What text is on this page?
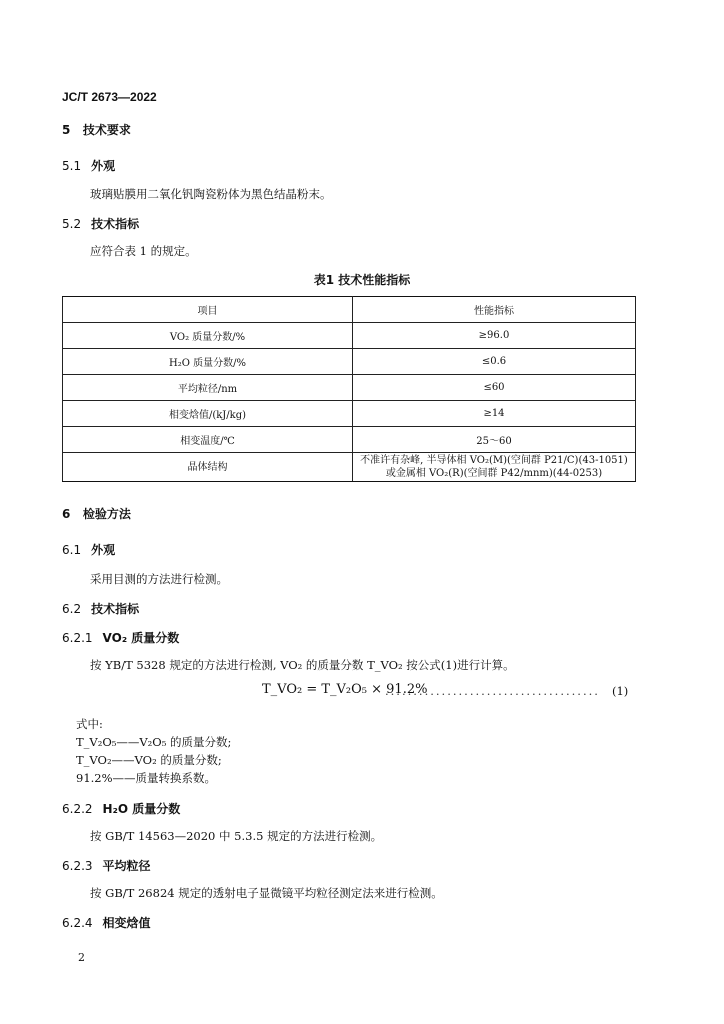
JC/T 2673—2022
5 技术要求
5.1 外观
玻璃贴膜用二氧化钒陶瓷粉体为黑色结晶粉末。
5.2 技术指标
应符合表 1 的规定。
表1 技术性能指标
项目	性能指标
VO₂ 质量分数/%	≥96.0
H₂O 质量分数/%	≤0.6
平均粒径/nm	≤60
相变焓值/(kJ/kg)	≥14
相变温度/℃	25～60
晶体结构	不准许有杂峰, 半导体相 VO₂(M)(空间群 P21/C)(43-1051)
或金属相 VO₂(R)(空间群 P42/mnm)(44-0253)
6 检验方法
6.1 外观
采用目测的方法进行检测。
6.2 技术指标
6.2.1 VO₂ 质量分数
按 YB/T 5328 规定的方法进行检测, VO₂ 的质量分数 T_VO₂ 按公式(1)进行计算。
T_VO₂ = T_V₂O₅ × 91.2%
...................................... (1)
式中:
T_V₂O₅——V₂O₅ 的质量分数;
T_VO₂——VO₂ 的质量分数;
91.2%——质量转换系数。
6.2.2 H₂O 质量分数
按 GB/T 14563—2020 中 5.3.5 规定的方法进行检测。
6.2.3 平均粒径
按 GB/T 26824 规定的透射电子显微镜平均粒径测定法来进行检测。
6.2.4 相变焓值
2
